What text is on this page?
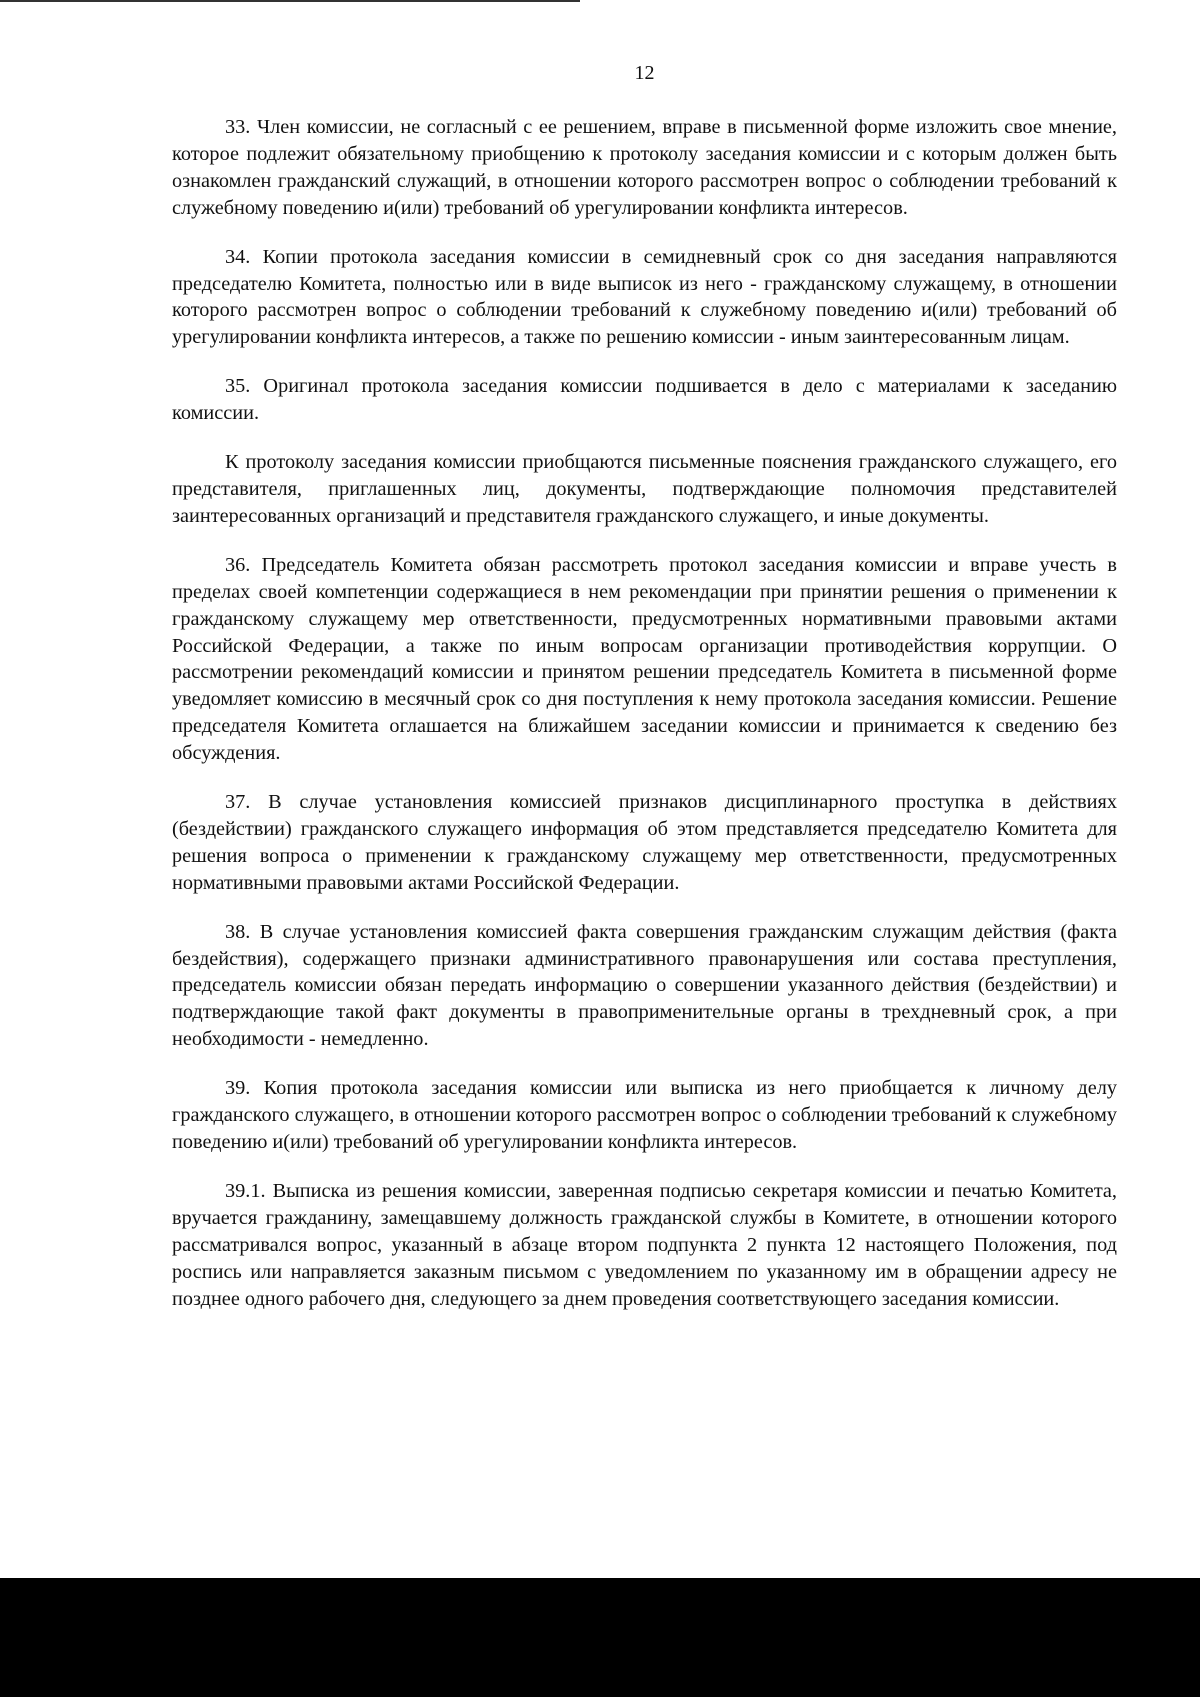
12

33. Член комиссии, не согласный с ее решением, вправе в письменной форме изложить свое мнение, которое подлежит обязательному приобщению к протоколу заседания комиссии и с которым должен быть ознакомлен гражданский служащий, в отношении которого рассмотрен вопрос о соблюдении требований к служебному поведению и(или) требований об урегулировании конфликта интересов.

34. Копии протокола заседания комиссии в семидневный срок со дня заседания направляются председателю Комитета, полностью или в виде выписок из него - гражданскому служащему, в отношении которого рассмотрен вопрос о соблюдении требований к служебному поведению и(или) требований об урегулировании конфликта интересов, а также по решению комиссии - иным заинтересованным лицам.

35. Оригинал протокола заседания комиссии подшивается в дело с материалами к заседанию комиссии.

К протоколу заседания комиссии приобщаются письменные пояснения гражданского служащего, его представителя, приглашенных лиц, документы, подтверждающие полномочия представителей заинтересованных организаций и представителя гражданского служащего, и иные документы.

36. Председатель Комитета обязан рассмотреть протокол заседания комиссии и вправе учесть в пределах своей компетенции содержащиеся в нем рекомендации при принятии решения о применении к гражданскому служащему мер ответственности, предусмотренных нормативными правовыми актами Российской Федерации, а также по иным вопросам организации противодействия коррупции. О рассмотрении рекомендаций комиссии и принятом решении председатель Комитета в письменной форме уведомляет комиссию в месячный срок со дня поступления к нему протокола заседания комиссии. Решение председателя Комитета оглашается на ближайшем заседании комиссии и принимается к сведению без обсуждения.

37. В случае установления комиссией признаков дисциплинарного проступка в действиях (бездействии) гражданского служащего информация об этом представляется председателю Комитета для решения вопроса о применении к гражданскому служащему мер ответственности, предусмотренных нормативными правовыми актами Российской Федерации.

38. В случае установления комиссией факта совершения гражданским служащим действия (факта бездействия), содержащего признаки административного правонарушения или состава преступления, председатель комиссии обязан передать информацию о совершении указанного действия (бездействии) и подтверждающие такой факт документы в правоприменительные органы в трехдневный срок, а при необходимости - немедленно.

39. Копия протокола заседания комиссии или выписка из него приобщается к личному делу гражданского служащего, в отношении которого рассмотрен вопрос о соблюдении требований к служебному поведению и(или) требований об урегулировании конфликта интересов.

39.1. Выписка из решения комиссии, заверенная подписью секретаря комиссии и печатью Комитета, вручается гражданину, замещавшему должность гражданской службы в Комитете, в отношении которого рассматривался вопрос, указанный в абзаце втором подпункта 2 пункта 12 настоящего Положения, под роспись или направляется заказным письмом с уведомлением по указанному им в обращении адресу не позднее одного рабочего дня, следующего за днем проведения соответствующего заседания комиссии.
